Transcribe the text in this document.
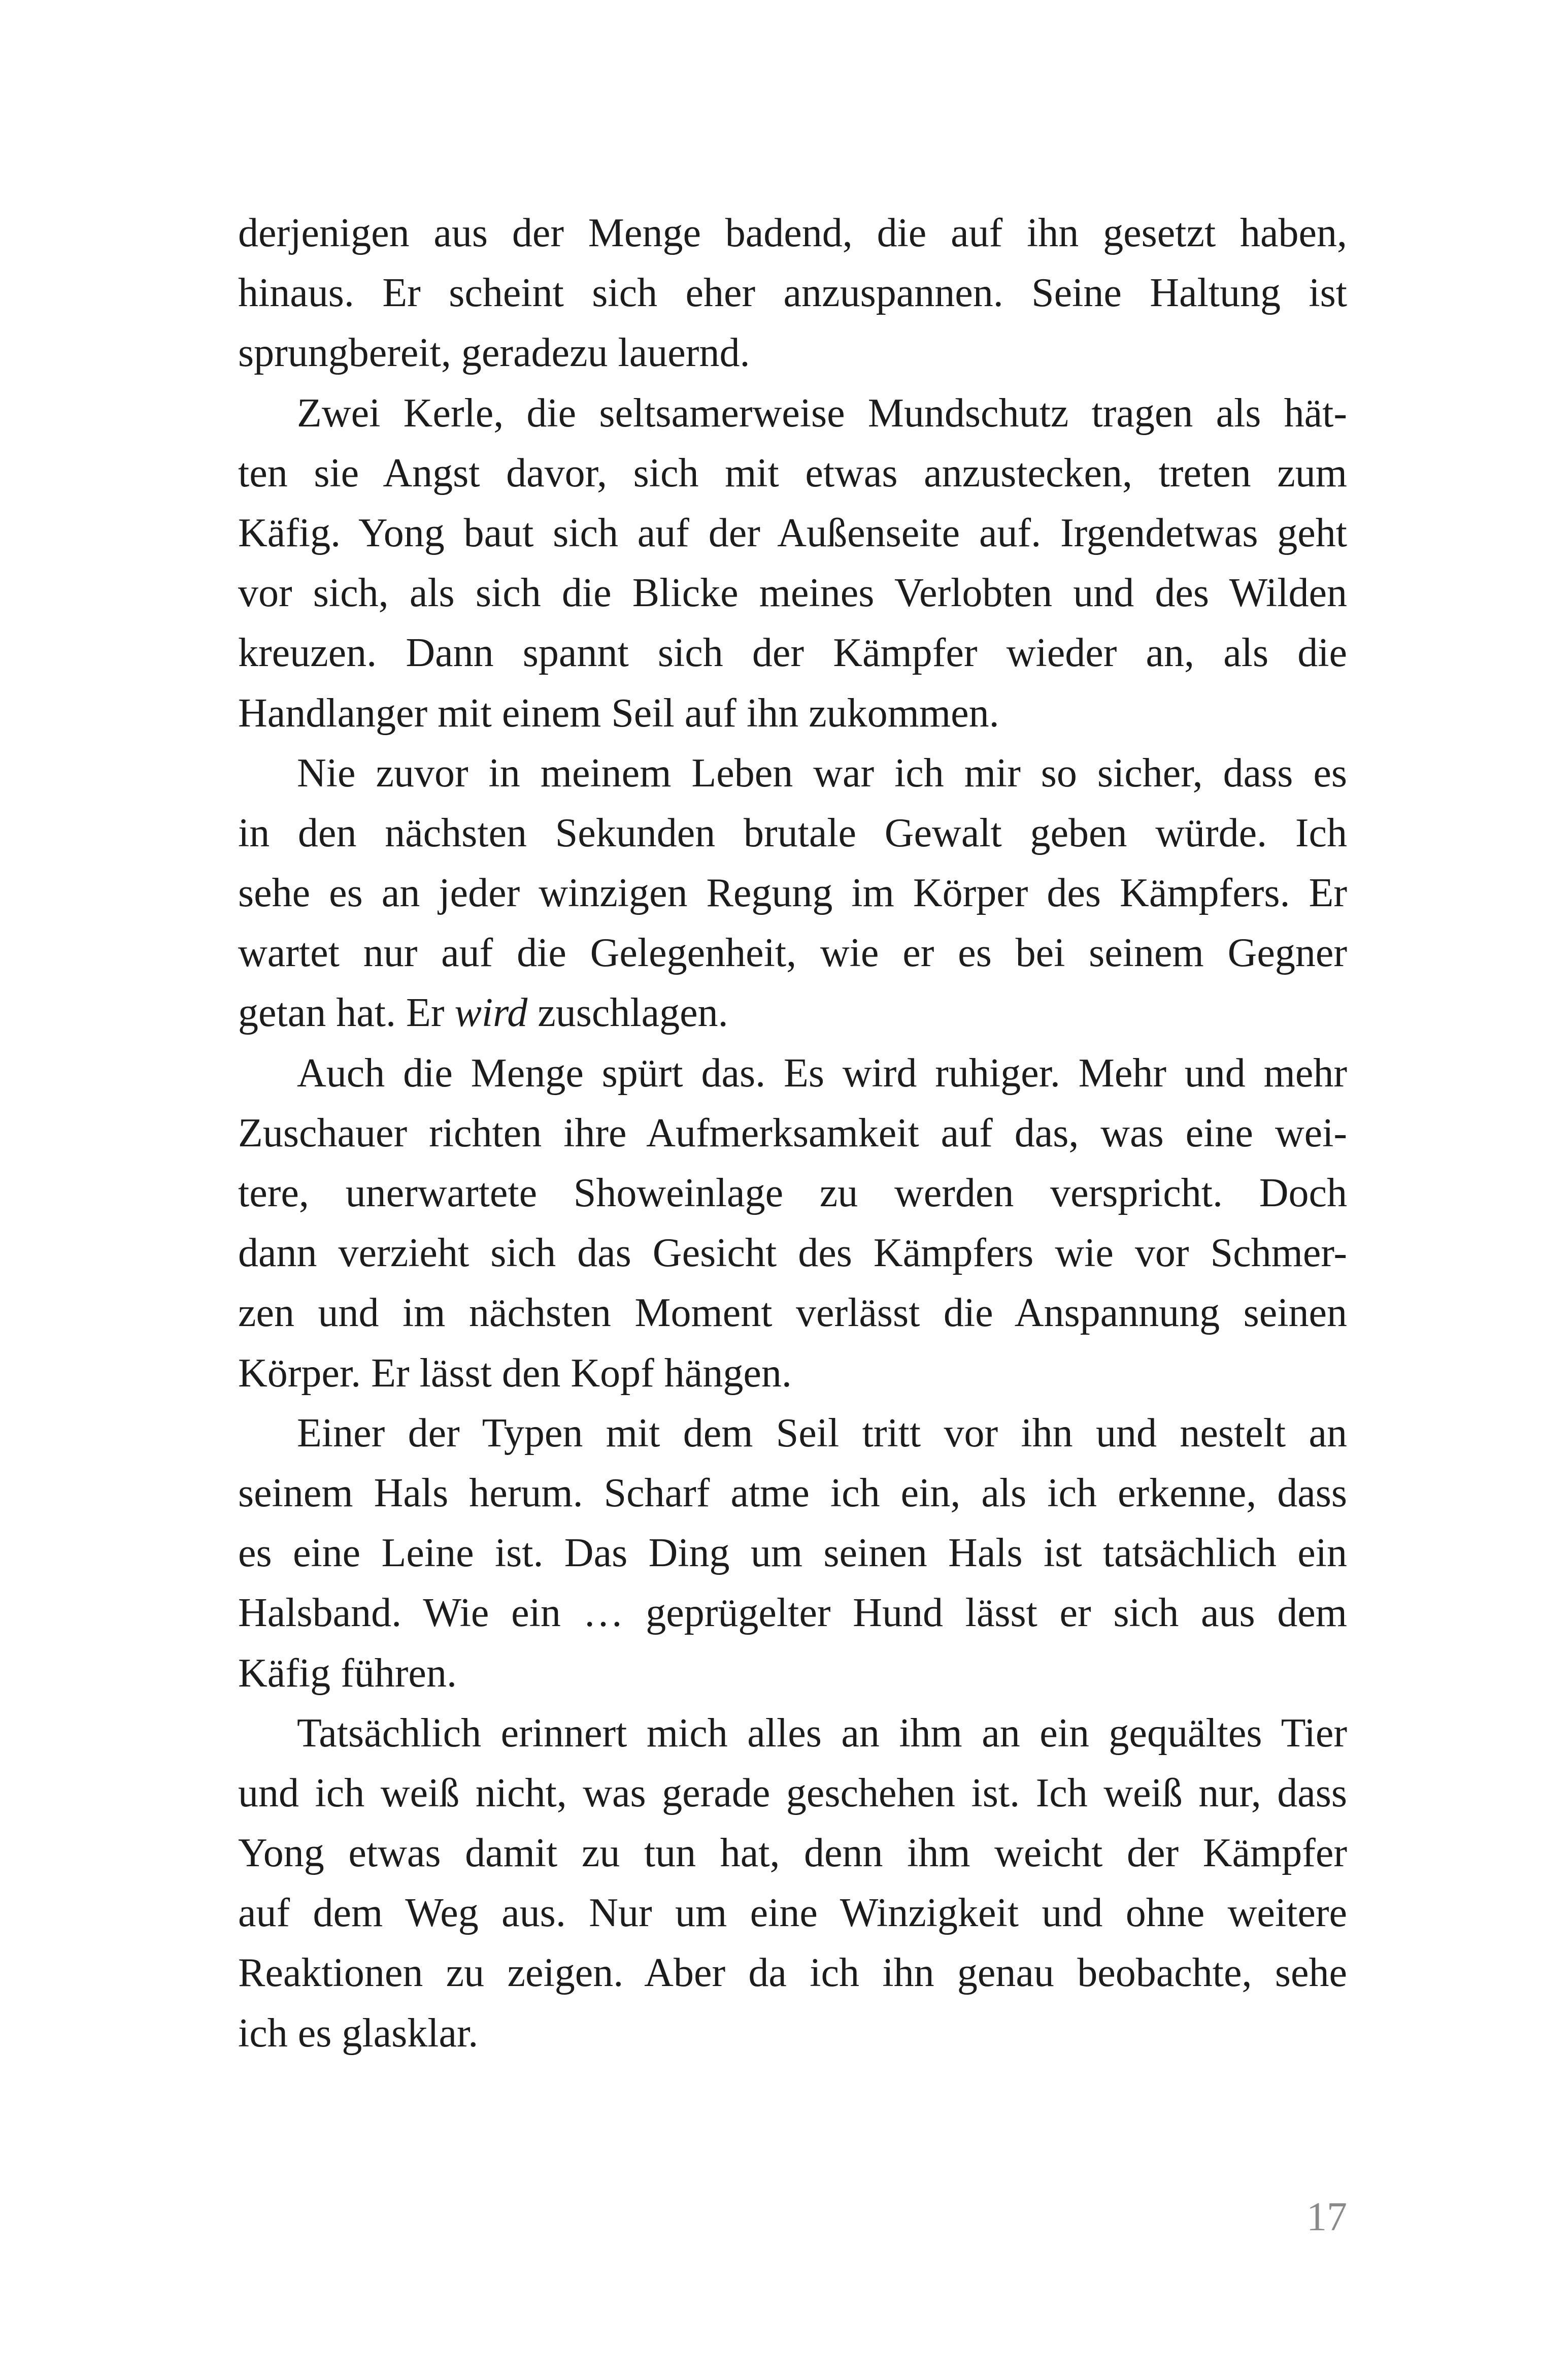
derjenigen aus der Menge badend, die auf ihn gesetzt haben,
hinaus. Er scheint sich eher anzuspannen. Seine Haltung ist
sprungbereit, geradezu lauernd.
Zwei Kerle, die seltsamerweise Mundschutz tragen als hät-
ten sie Angst davor, sich mit etwas anzustecken, treten zum
Käfig. Yong baut sich auf der Außenseite auf. Irgendetwas geht
vor sich, als sich die Blicke meines Verlobten und des Wilden
kreuzen. Dann spannt sich der Kämpfer wieder an, als die
Handlanger mit einem Seil auf ihn zukommen.
Nie zuvor in meinem Leben war ich mir so sicher, dass es
in den nächsten Sekunden brutale Gewalt geben würde. Ich
sehe es an jeder winzigen Regung im Körper des Kämpfers. Er
wartet nur auf die Gelegenheit, wie er es bei seinem Gegner
getan hat. Er wird zuschlagen.
Auch die Menge spürt das. Es wird ruhiger. Mehr und mehr
Zuschauer richten ihre Aufmerksamkeit auf das, was eine wei-
tere, unerwartete Showeinlage zu werden verspricht. Doch
dann verzieht sich das Gesicht des Kämpfers wie vor Schmer-
zen und im nächsten Moment verlässt die Anspannung seinen
Körper. Er lässt den Kopf hängen.
Einer der Typen mit dem Seil tritt vor ihn und nestelt an
seinem Hals herum. Scharf atme ich ein, als ich erkenne, dass
es eine Leine ist. Das Ding um seinen Hals ist tatsächlich ein
Halsband. Wie ein … geprügelter Hund lässt er sich aus dem
Käfig führen.
Tatsächlich erinnert mich alles an ihm an ein gequältes Tier
und ich weiß nicht, was gerade geschehen ist. Ich weiß nur, dass
Yong etwas damit zu tun hat, denn ihm weicht der Kämpfer
auf dem Weg aus. Nur um eine Winzigkeit und ohne weitere
Reaktionen zu zeigen. Aber da ich ihn genau beobachte, sehe
ich es glasklar.
17
